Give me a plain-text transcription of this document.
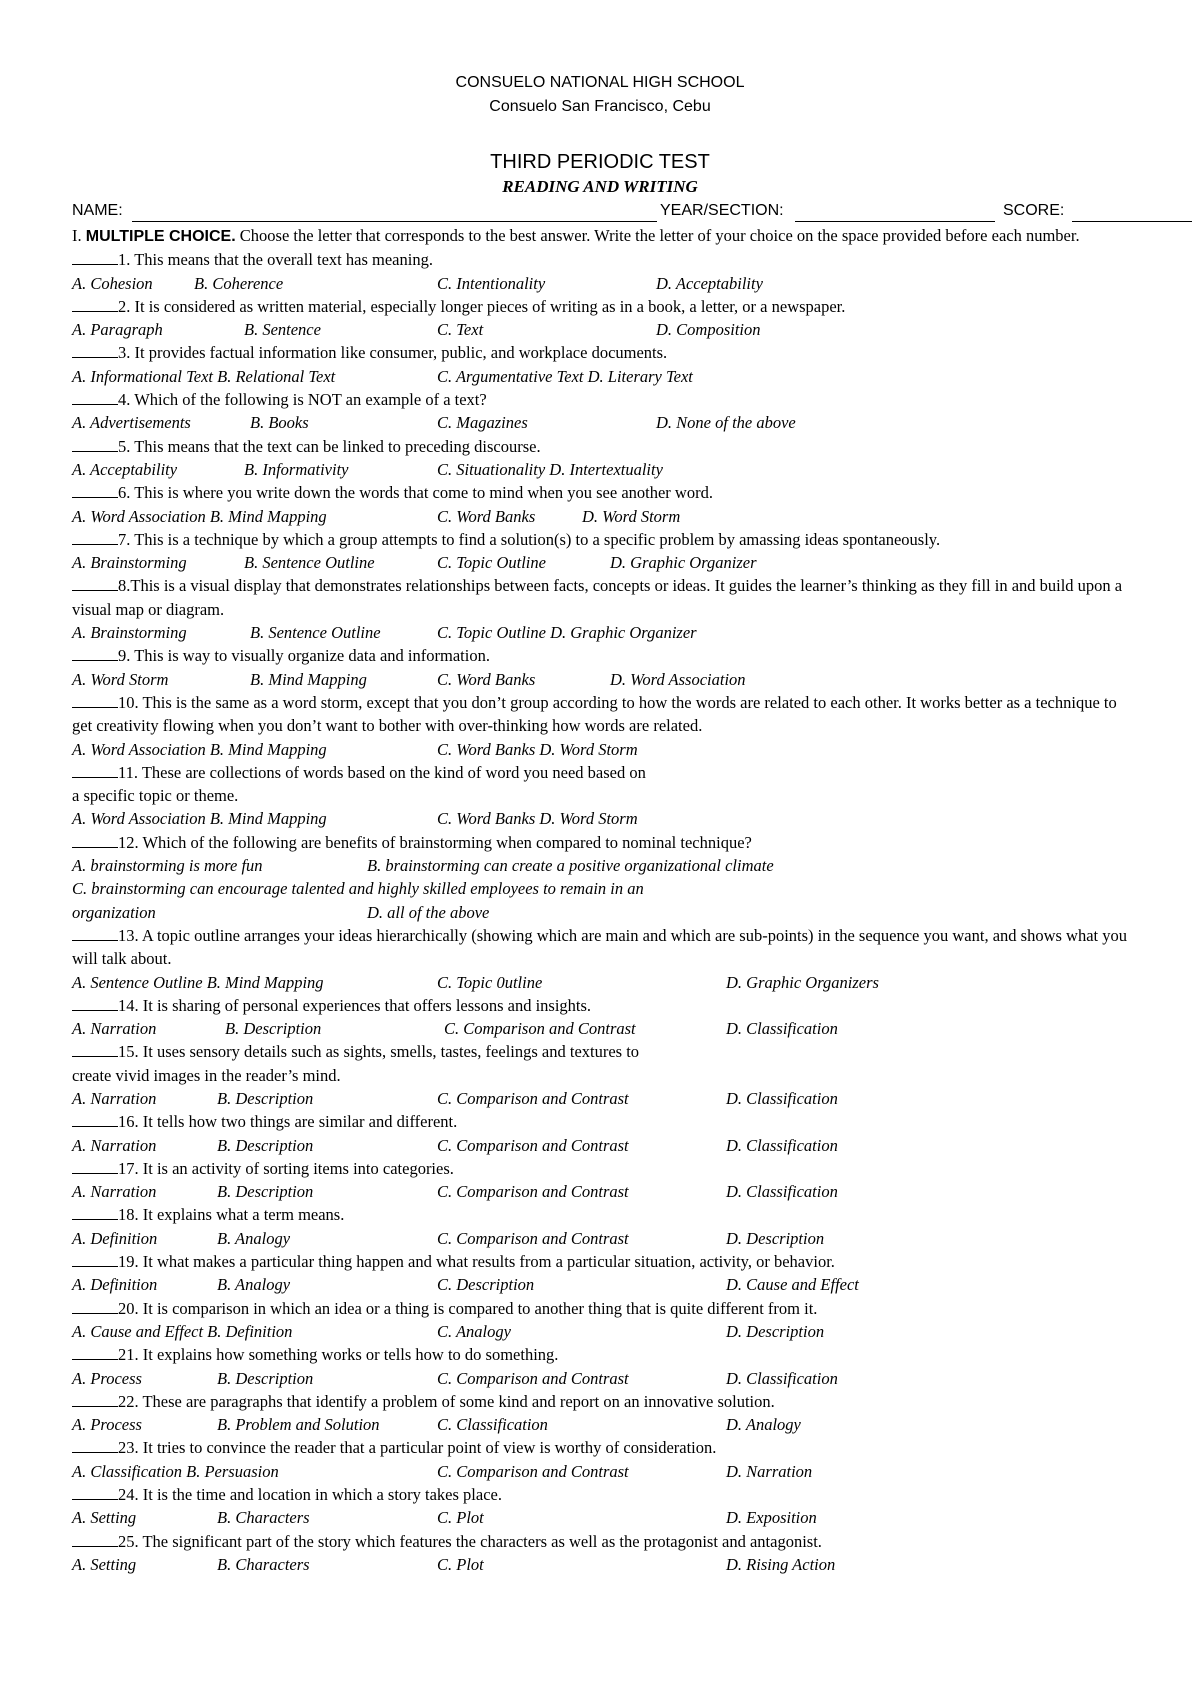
CONSUELO NATIONAL HIGH SCHOOL
Consuelo San Francisco, Cebu
THIRD PERIODIC TEST
READING AND WRITING
NAME:	YEAR/SECTION:	SCORE:
I. MULTIPLE CHOICE. Choose the letter that corresponds to the best answer. Write the letter of your choice on the space provided before each number.
1. This means that the overall text has meaning.
A. Cohesion	B. Coherence	C. Intentionality	D. Acceptability
2. It is considered as written material, especially longer pieces of writing as in a book, a letter, or a newspaper.
A. Paragraph	B. Sentence	C. Text	D. Composition
3. It provides factual information like consumer, public, and workplace documents.
A. Informational Text B. Relational Text	C. Argumentative Text D. Literary Text
4. Which of the following is NOT an example of a text?
A. Advertisements	B. Books	C. Magazines	D. None of the above
5. This means that the text can be linked to preceding discourse.
A. Acceptability	B. Informativity	C. Situationality D. Intertextuality
6. This is where you write down the words that come to mind when you see another word.
A. Word Association B. Mind Mapping	C. Word Banks	D. Word Storm
7. This is a technique by which a group attempts to find a solution(s) to a specific problem by amassing ideas spontaneously.
A. Brainstorming	B. Sentence Outline	C. Topic Outline	D. Graphic Organizer
8.This is a visual display that demonstrates relationships between facts, concepts or ideas. It guides the learner’s thinking as they fill in and build upon a visual map or diagram.
A. Brainstorming	B. Sentence Outline	C. Topic Outline D. Graphic Organizer
9. This is way to visually organize data and information.
A. Word Storm	B. Mind Mapping	C. Word Banks	D. Word Association
10. This is the same as a word storm, except that you don’t group according to how the words are related to each other. It works better as a technique to get creativity flowing when you don’t want to bother with over-thinking how words are related.
A. Word Association B. Mind Mapping	C. Word Banks D. Word Storm
11. These are collections of words based on the kind of word you need based on
a specific topic or theme.
A. Word Association B. Mind Mapping	C. Word Banks D. Word Storm
12. Which of the following are benefits of brainstorming when compared to nominal technique?
A. brainstorming is more fun	B. brainstorming can create a positive organizational climate
C. brainstorming can encourage talented and highly skilled employees to remain in an
organization	D. all of the above
13. A topic outline arranges your ideas hierarchically (showing which are main and which are sub-points) in the sequence you want, and shows what you will talk about.
A. Sentence Outline B. Mind Mapping	C. Topic 0utline	D. Graphic Organizers
14. It is sharing of personal experiences that offers lessons and insights.
A. Narration	B. Description	C. Comparison and Contrast	D. Classification
15. It uses sensory details such as sights, smells, tastes, feelings and textures to
create vivid images in the reader’s mind.
A. Narration	B. Description	C. Comparison and Contrast	D. Classification
16. It tells how two things are similar and different.
A. Narration	B. Description	C. Comparison and Contrast	D. Classification
17. It is an activity of sorting items into categories.
A. Narration	B. Description	C. Comparison and Contrast	D. Classification
18. It explains what a term means.
A. Definition	B. Analogy	C. Comparison and Contrast	D. Description
19. It what makes a particular thing happen and what results from a particular situation, activity, or behavior.
A. Definition	B. Analogy	C. Description	D. Cause and Effect
20. It is comparison in which an idea or a thing is compared to another thing that is quite different from it.
A. Cause and Effect B. Definition	C. Analogy	D. Description
21. It explains how something works or tells how to do something.
A. Process	B. Description	C. Comparison and Contrast	D. Classification
22. These are paragraphs that identify a problem of some kind and report on an innovative solution.
A. Process	B. Problem and Solution	C. Classification	D. Analogy
23. It tries to convince the reader that a particular point of view is worthy of consideration.
A. Classification B. Persuasion	C. Comparison and Contrast	D. Narration
24. It is the time and location in which a story takes place.
A. Setting	B. Characters	C. Plot	D. Exposition
25. The significant part of the story which features the characters as well as the protagonist and antagonist.
A. Setting	B. Characters	C. Plot	D. Rising Action
